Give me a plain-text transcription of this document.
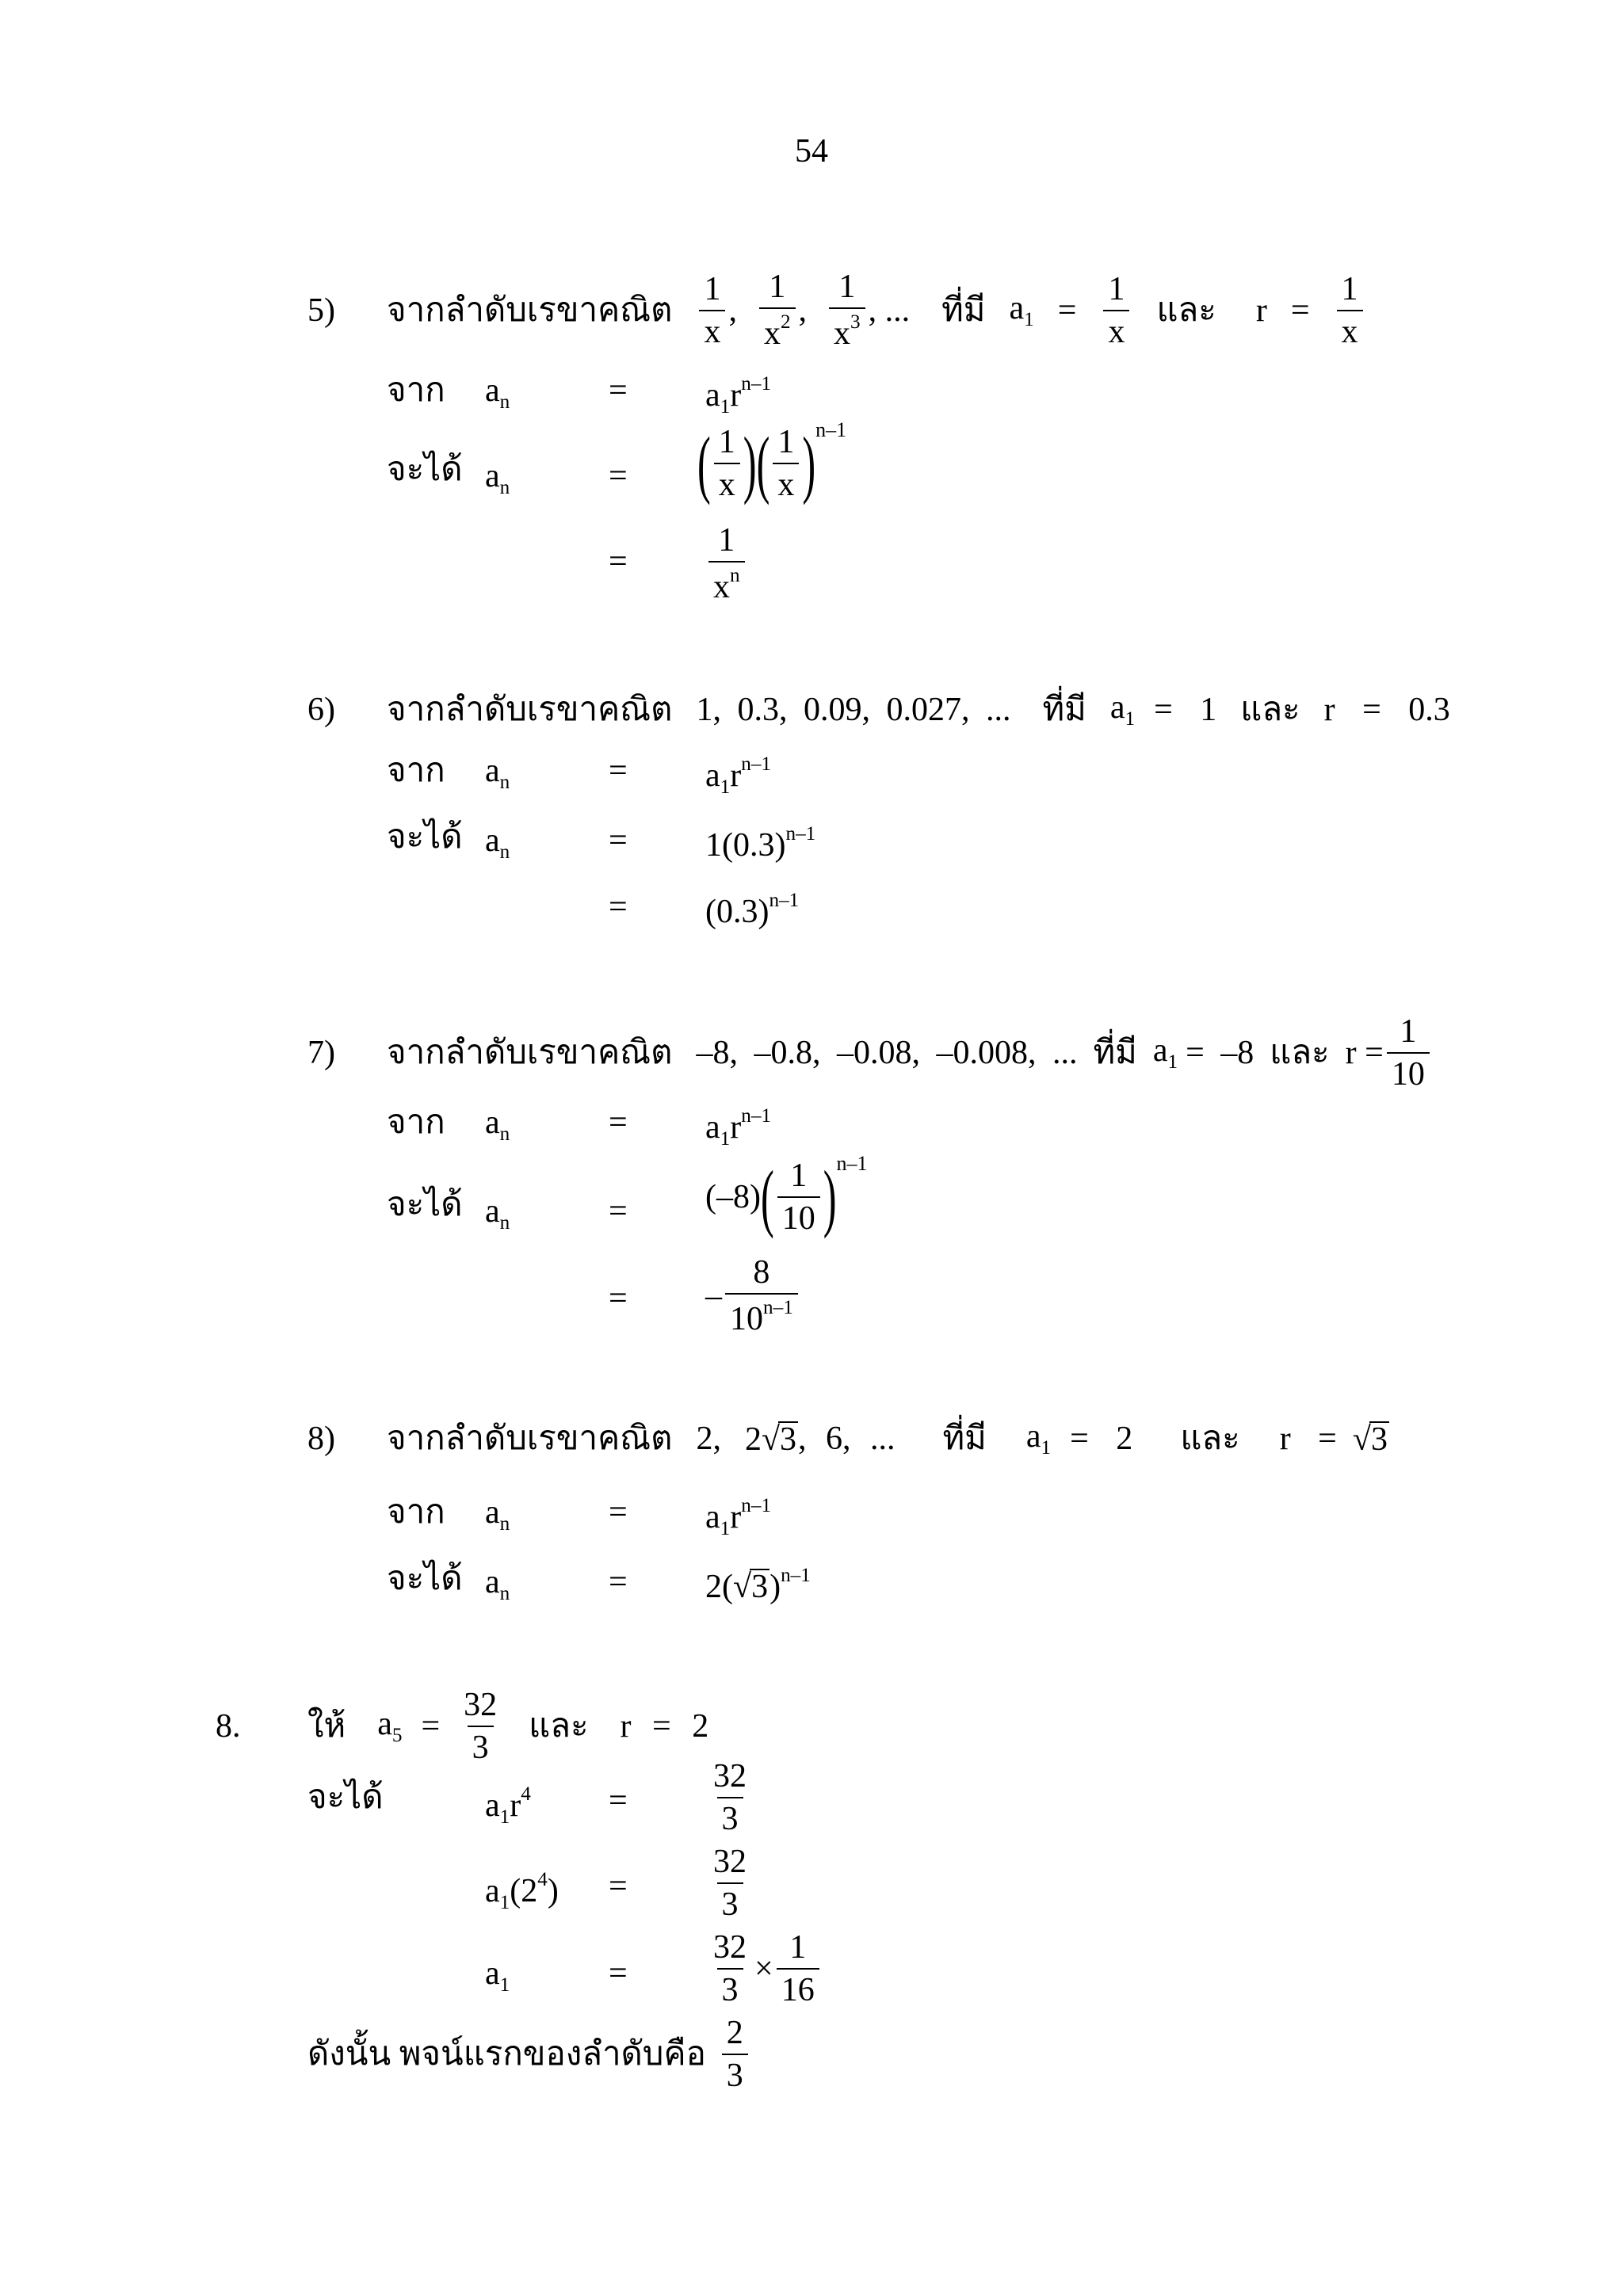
54
5)	จากลำดับเรขาคณิต $\frac{1}{x}$ , $\frac{1}{x^2}$ , $\frac{1}{x^3}$ , ... ที่มี $a_1 = \frac{1}{x}$ และ $r = \frac{1}{x}$
จาก $a_n$	= $a_1r^{n-1}$
จะได้ $a_n$	= ( $\frac{1}{x}$ ) ( $\frac{1}{x}$ ) n–1
= $\frac{1}{x^n}$
6)	จากลำดับเรขาคณิต 1, 0.3, 0.09, 0.027, ... ที่มี $a_1 = 1$ และ r = 0.3
จาก $a_n$	= $a_1r^{n-1}$
จะได้ $a_n$	= $1(0.3)^{n-1}$
= $(0.3)^{n-1}$
7)	จากลำดับเรขาคณิต –8, –0.8, –0.08, –0.008, ... ที่มี $a_1 = -8$ และ $r = \frac{1}{10}$
จาก $a_n$	= $a_1r^{n-1}$
จะได้ $a_n$	= (–8) ( $\frac{1}{10}$ ) n–1
= – $\frac{8}{10^{n-1}}$
8)	จากลำดับเรขาคณิต 2, 2√3 , 6, ... ที่มี $a_1 = 2$ และ r = √3
จาก $a_n$	= $a_1r^{n-1}$
จะได้ $a_n$	= $2(√3)^{n-1}$
8.	ให้ $a_5 = \frac{32}{3}$ และ r = 2
จะได้	$a_1r^4 = \frac{32}{3}$
$a_1(2^4) = \frac{32}{3}$
$a_1$	= $\frac{32}{3} \times \frac{1}{16}$
ดังนั้น พจน์แรกของลำดับคือ $\frac{2}{3}$
